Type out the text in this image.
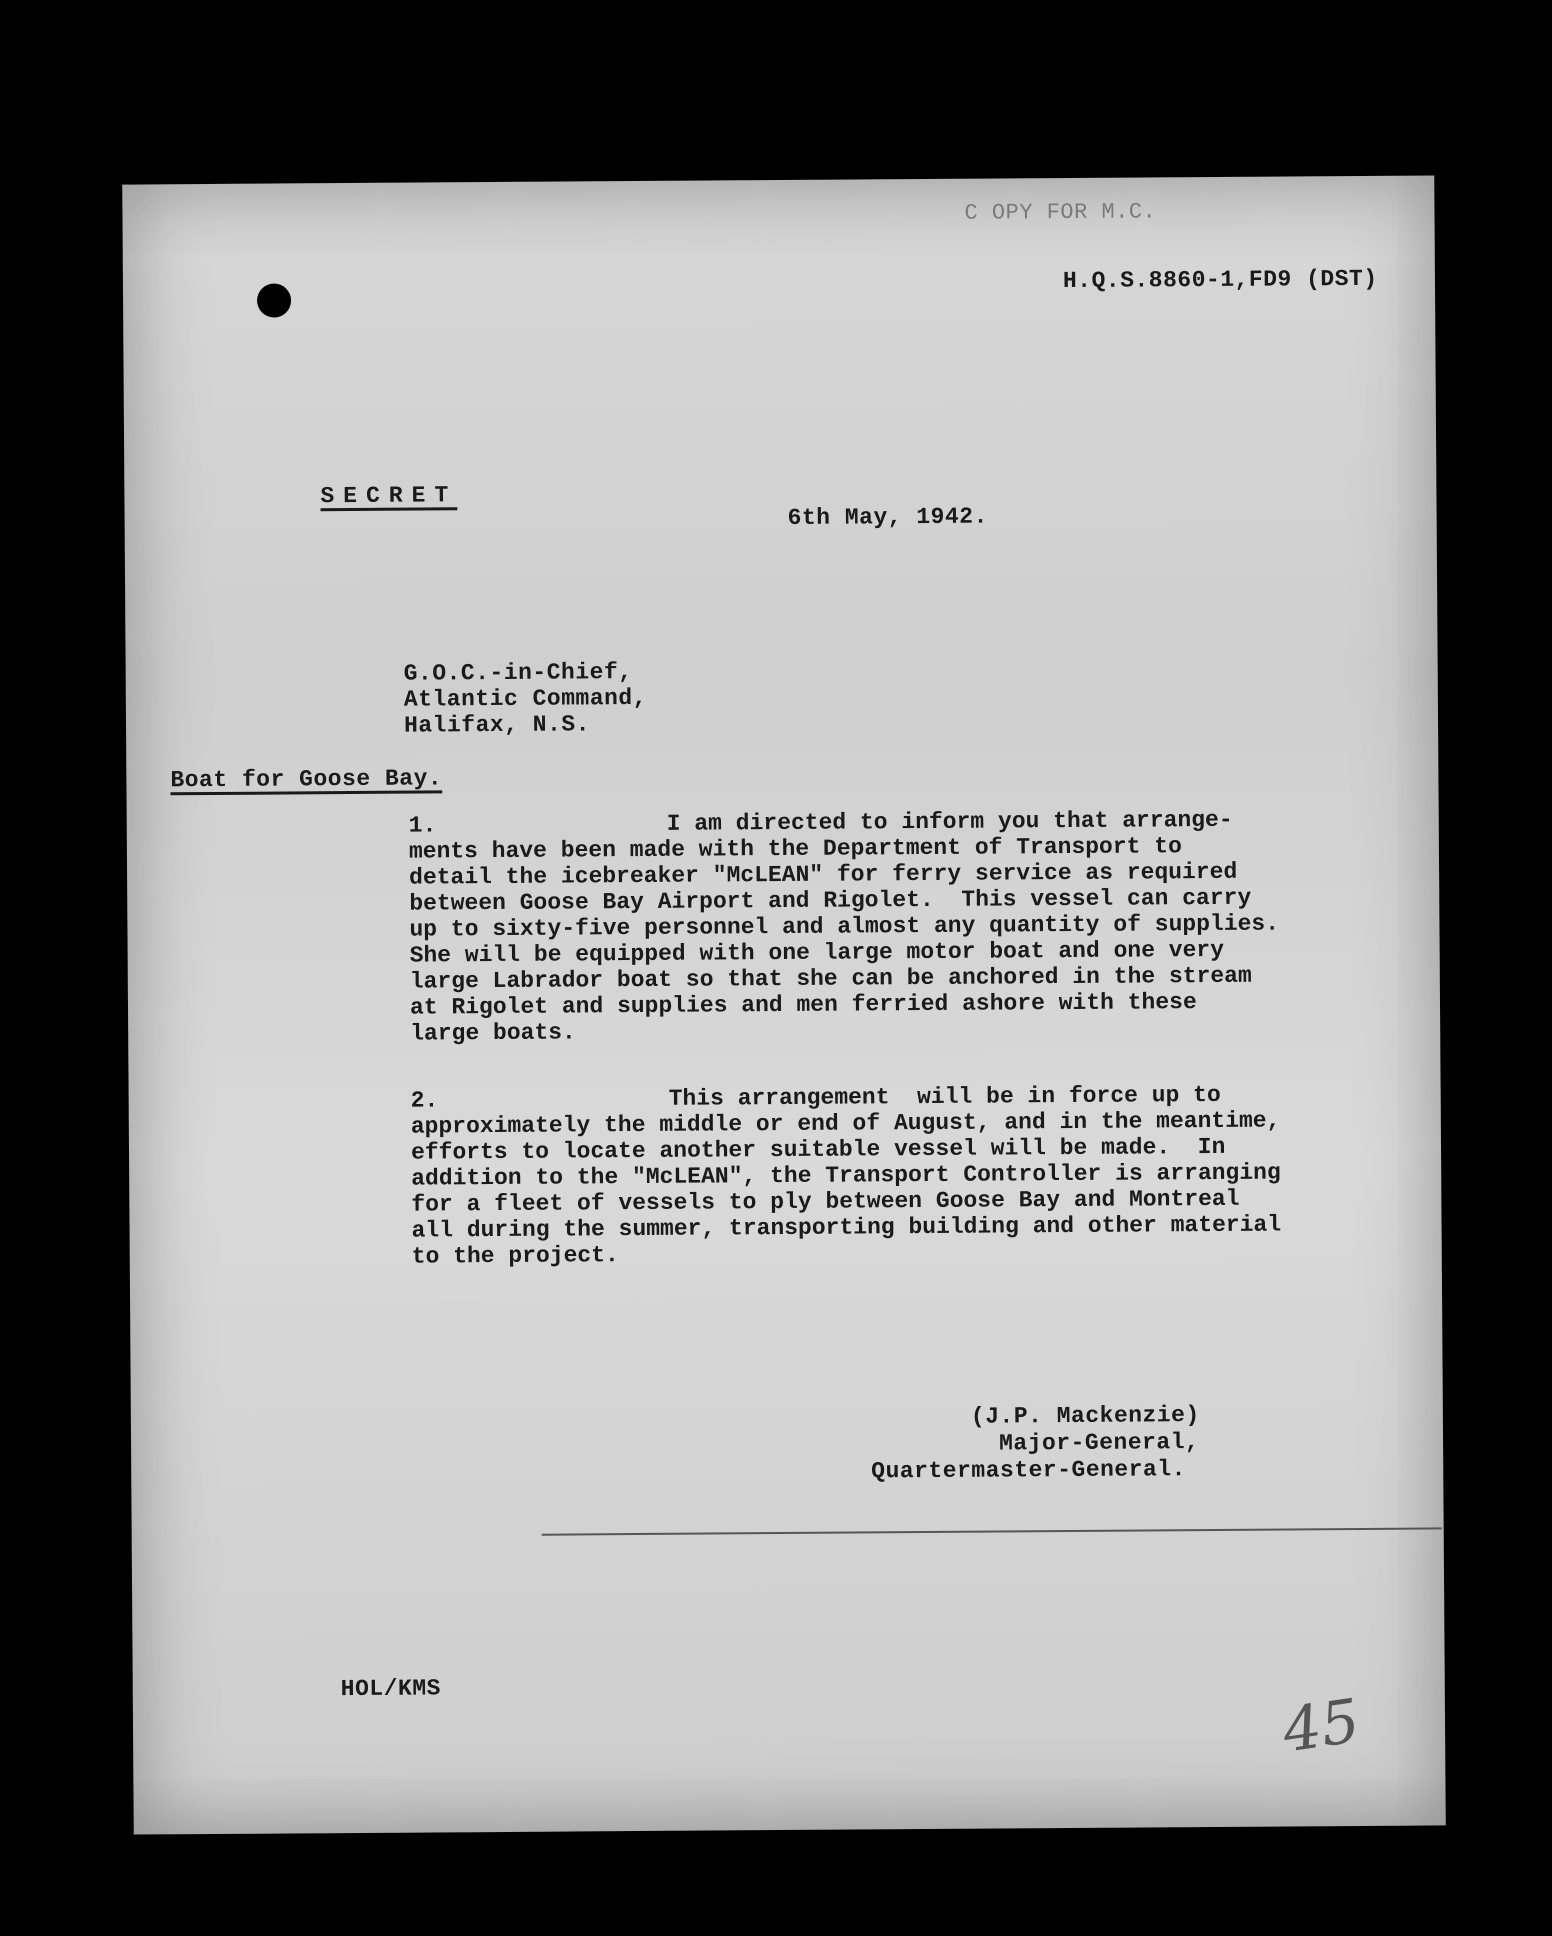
C OPY FOR M.C.
H.Q.S.8860-1,FD9 (DST)
SECRET
6th May, 1942.
G.O.C.-in-Chief,
Atlantic Command,
Halifax, N.S.
Boat for Goose Bay.
1.	I am directed to inform you that arrange-
ments have been made with the Department of Transport to
detail the icebreaker "McLEAN" for ferry service as required
between Goose Bay Airport and Rigolet.  This vessel can carry
up to sixty-five personnel and almost any quantity of supplies.
She will be equipped with one large motor boat and one very
large Labrador boat so that she can be anchored in the stream
at Rigolet and supplies and men ferried ashore with these
large boats.
2.	This arrangement  will be in force up to
approximately the middle or end of August, and in the meantime,
efforts to locate another suitable vessel will be made.  In
addition to the "McLEAN", the Transport Controller is arranging
for a fleet of vessels to ply between Goose Bay and Montreal
all during the summer, transporting building and other material
to the project.
(J.P. Mackenzie)
Major-General,
Quartermaster-General.
HOL/KMS	45
